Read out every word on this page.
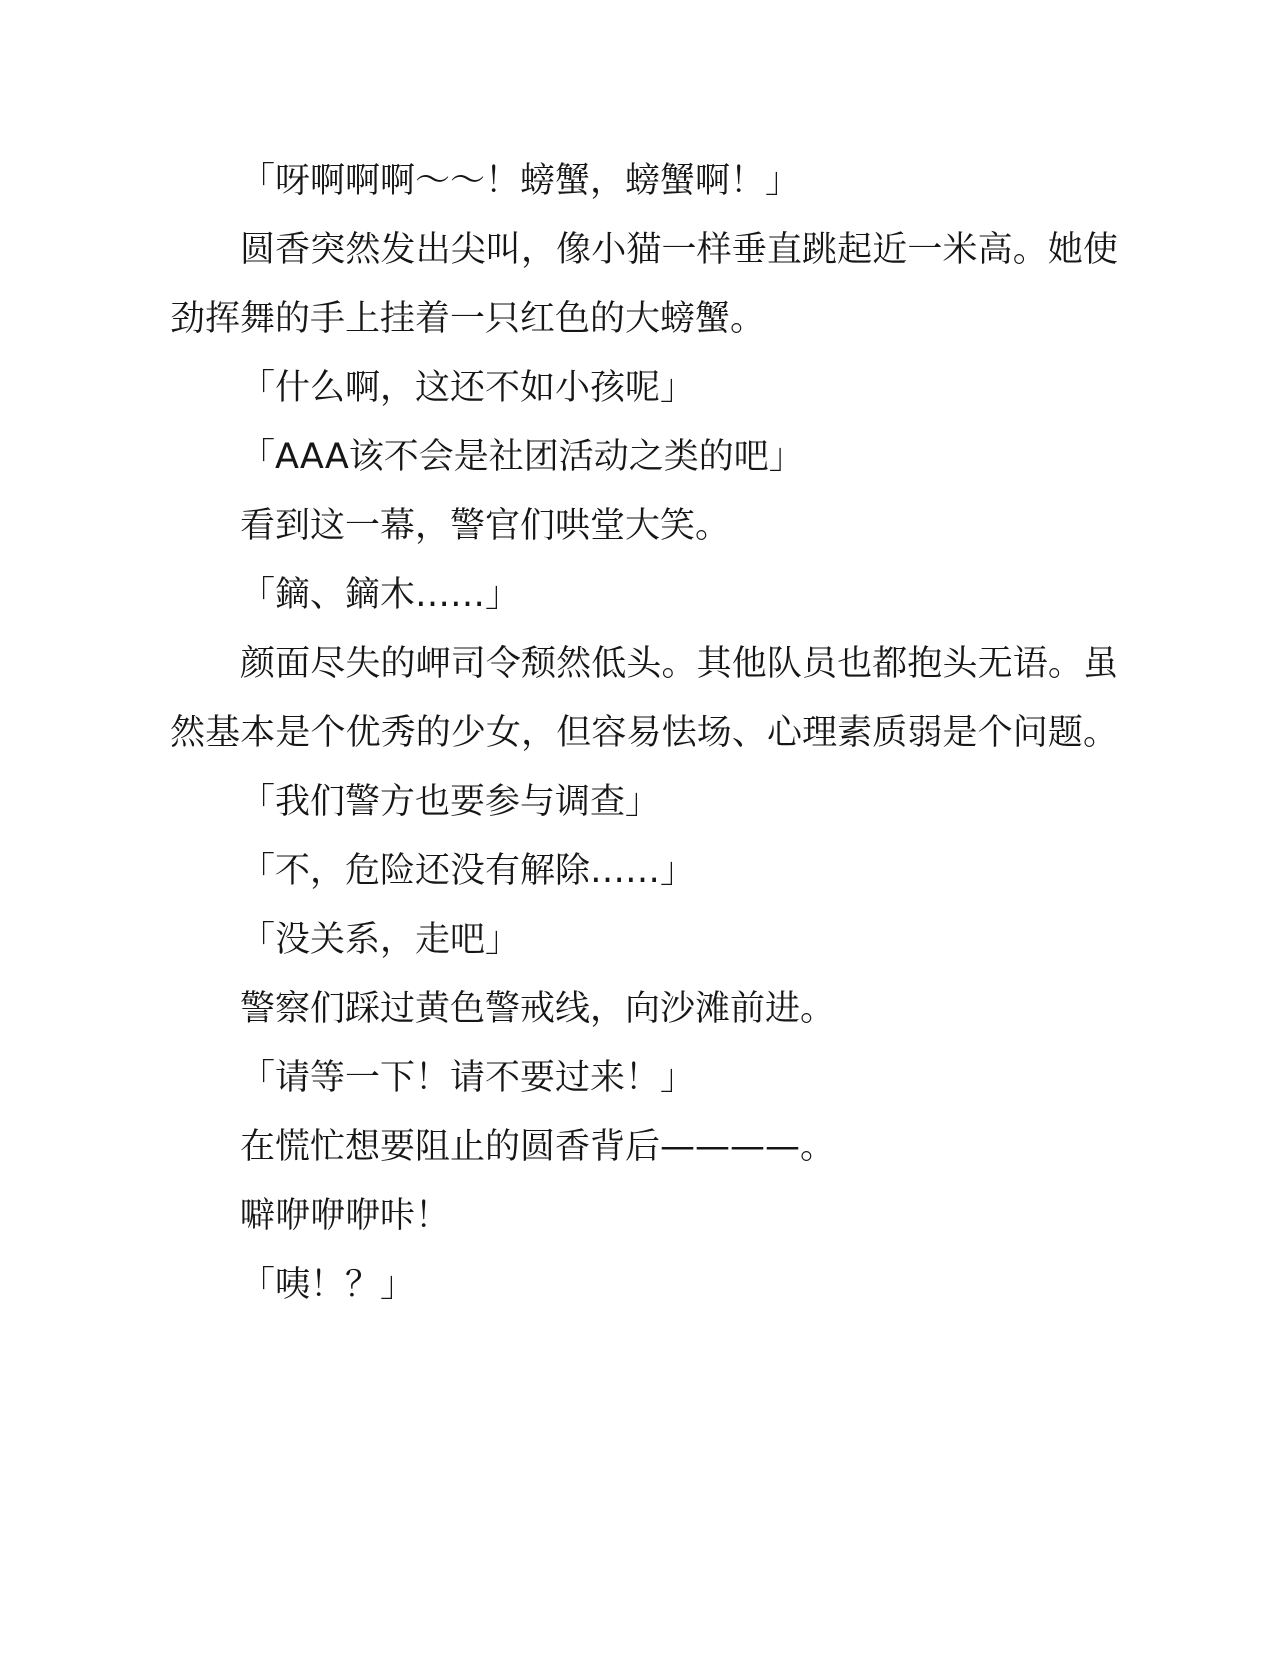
「呀啊啊啊～～！螃蟹，螃蟹啊！」
圆香突然发出尖叫，像小猫一样垂直跳起近一米高。她使
劲挥舞的手上挂着一只红色的大螃蟹。
「什么啊，这还不如小孩呢」
「AAA该不会是社团活动之类的吧」
看到这一幕，警官们哄堂大笑。
「鏑、鏑木……」
颜面尽失的岬司令颓然低头。其他队员也都抱头无语。虽
然基本是个优秀的少女，但容易怯场、心理素质弱是个问题。
「我们警方也要参与调查」
「不，危险还没有解除……」
「没关系，走吧」
警察们踩过黄色警戒线，向沙滩前进。
「请等一下！请不要过来！」
在慌忙想要阻止的圆香背后————。
噼咿咿咿咔！
「咦！？」
